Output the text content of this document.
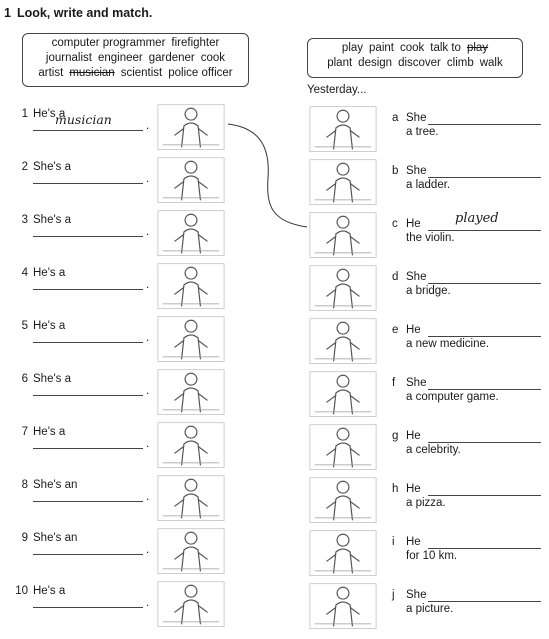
1 Look, write and match.
computer programmer firefighter
journalist engineer gardener cook
artist musician scientist police officer
play paint cook talk to play
plant design discover climb walk
Yesterday...
1 He's a
musician	.
2 She's a
.
3 She's a
.
4 He's a
.
5 He's a
.
6 She's a
.
7 He's a
.
8 She's an
.
9 She's an
.
10 He's a
.
a She
a tree.
b She
a ladder.
c He	played
the violin.
d She
a bridge.
e He
a new medicine.
f She
a computer game.
g He
a celebrity.
h He
a pizza.
i He
for 10 km.
j She
a picture.
